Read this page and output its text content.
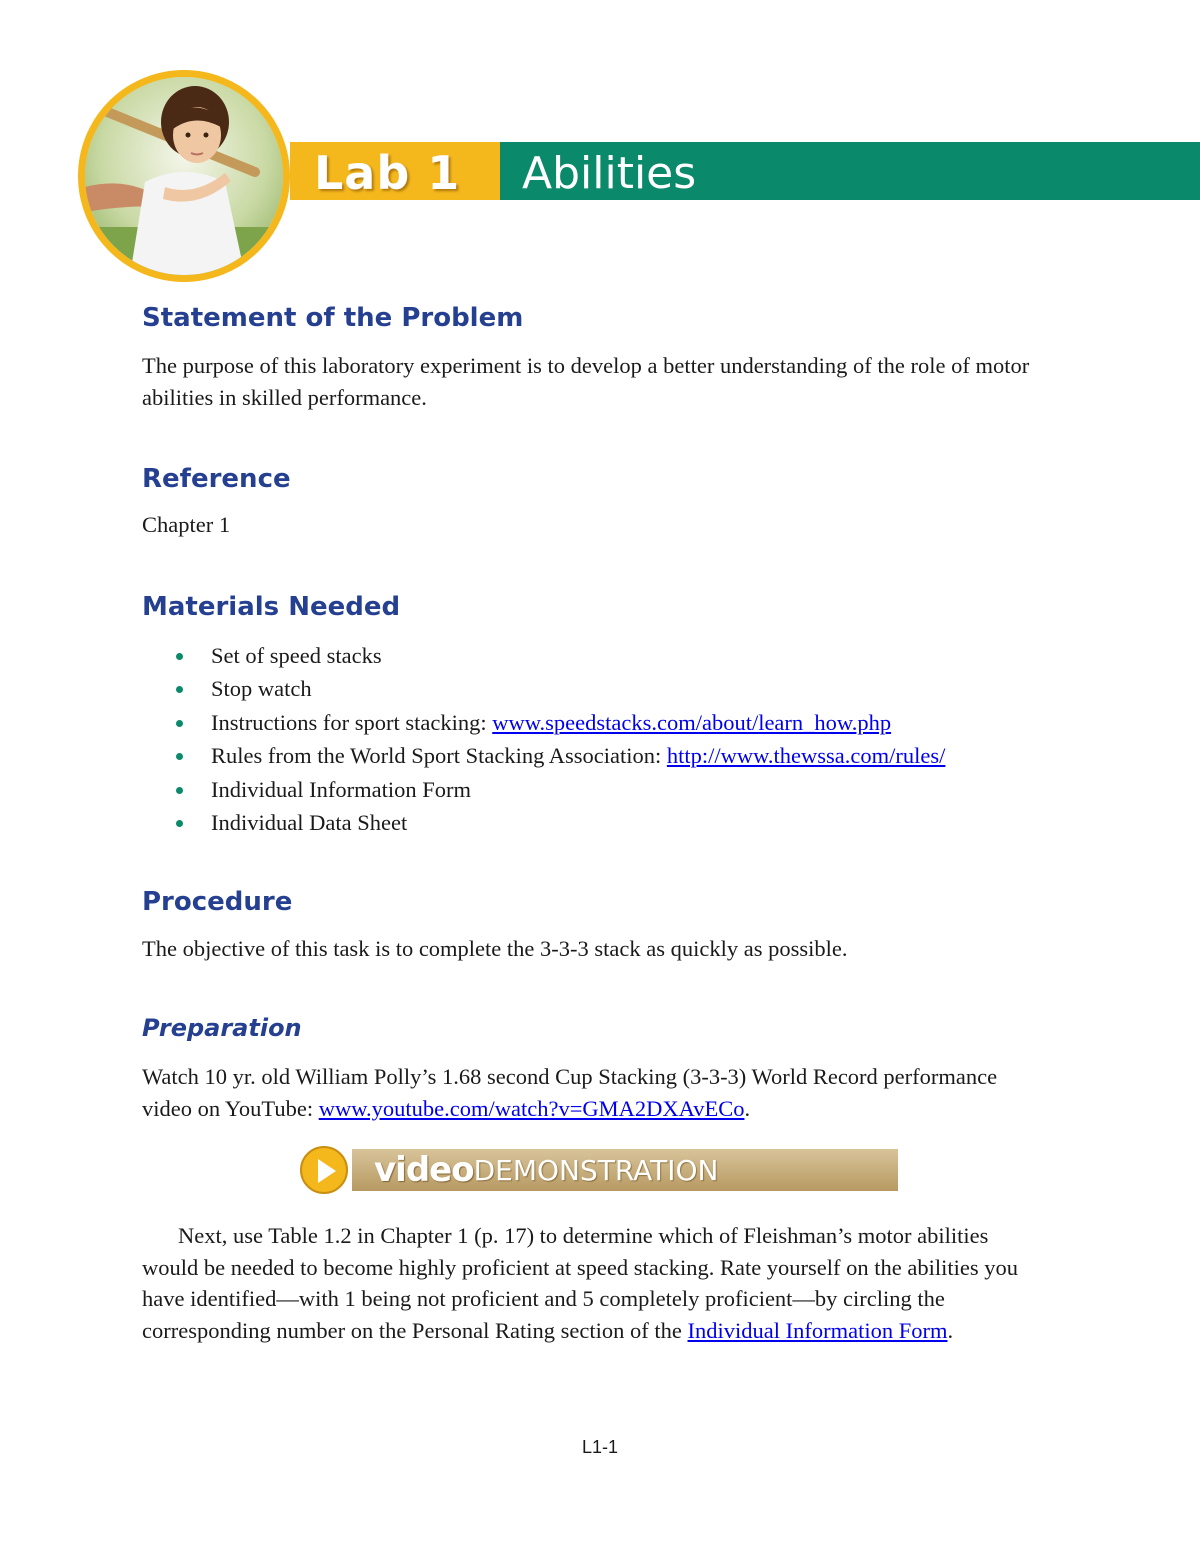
Lab 1 Abilities
Statement of the Problem

The purpose of this laboratory experiment is to develop a better understanding of the role of motor abilities in skilled performance.

Reference

Chapter 1

Materials Needed
Set of speed stacks
Stop watch
Instructions for sport stacking: www.speedstacks.com/about/learn_how.php
Rules from the World Sport Stacking Association: http://www.thewssa.com/rules/
Individual Information Form
Individual Data Sheet
Procedure

The objective of this task is to complete the 3-3-3 stack as quickly as possible.

Preparation

Watch 10 yr. old William Polly’s 1.68 second Cup Stacking (3-3-3) World Record performance video on YouTube: www.youtube.com/watch?v=GMA2DXAvECo.

video DEMONSTRATION

Next, use Table 1.2 in Chapter 1 (p. 17) to determine which of Fleishman’s motor abilities would be needed to become highly proficient at speed stacking. Rate yourself on the abilities you have identified—with 1 being not proficient and 5 completely proficient—by circling the corresponding number on the Personal Rating section of the Individual Information Form.

L1-1
